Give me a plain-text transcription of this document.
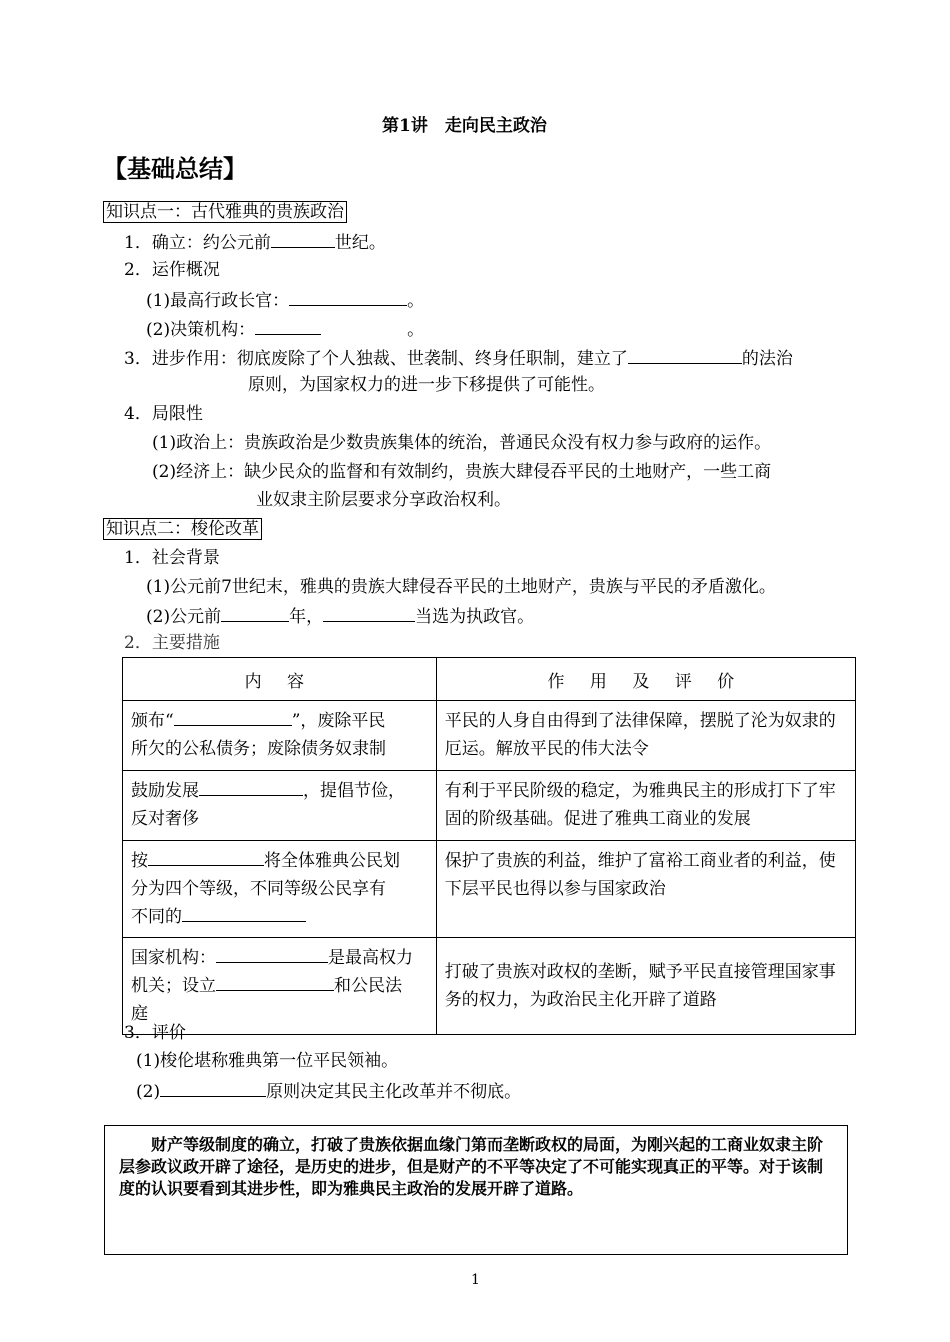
第1讲　走向民主政治
【基础总结】
知识点一：古代雅典的贵族政治
1．确立：约公元前	世纪。
2．运作概况
(1)最高行政长官：	。
(2)决策机构：	。
3．进步作用：彻底废除了个人独裁、世袭制、终身任职制，建立了	的法治
原则，为国家权力的进一步下移提供了可能性。
4．局限性
(1)政治上：贵族政治是少数贵族集体的统治，普通民众没有权力参与政府的运作。
(2)经济上：缺少民众的监督和有效制约，贵族大肆侵吞平民的土地财产，一些工商
业奴隶主阶层要求分享政治权利。
知识点二：梭伦改革
1．社会背景
(1)公元前7世纪末，雅典的贵族大肆侵吞平民的土地财产，贵族与平民的矛盾激化。
(2)公元前	年，	当选为执政官。
2．主要措施
内 容	作 用 及 评 价
颁布“ ”，废除平民
所欠的公私债务；废除债务奴隶制	平民的人身自由得到了法律保障，摆脱了沦为奴隶的厄运。解放平民的伟大法令
鼓励发展 ，提倡节俭，
反对奢侈	有利于平民阶级的稳定，为雅典民主的形成打下了牢固的阶级基础。促进了雅典工商业的发展
按 将全体雅典公民划
分为四个等级，不同等级公民享有
不同的	保护了贵族的利益，维护了富裕工商业者的利益，使下层平民也得以参与国家政治
国家机构： 是最高权力
机关；设立 和公民法
庭	打破了贵族对政权的垄断，赋予平民直接管理国家事务的权力，为政治民主化开辟了道路
3．评价
(1)梭伦堪称雅典第一位平民领袖。
(2)	原则决定其民主化改革并不彻底。
　　财产等级制度的确立，打破了贵族依据血缘门第而垄断政权的局面，为刚兴起的工商业奴隶主阶层参政议政开辟了途径，是历史的进步，但是财产的不平等决定了不可能实现真正的平等。对于该制度的认识要看到其进步性，即为雅典民主政治的发展开辟了道路。
1
